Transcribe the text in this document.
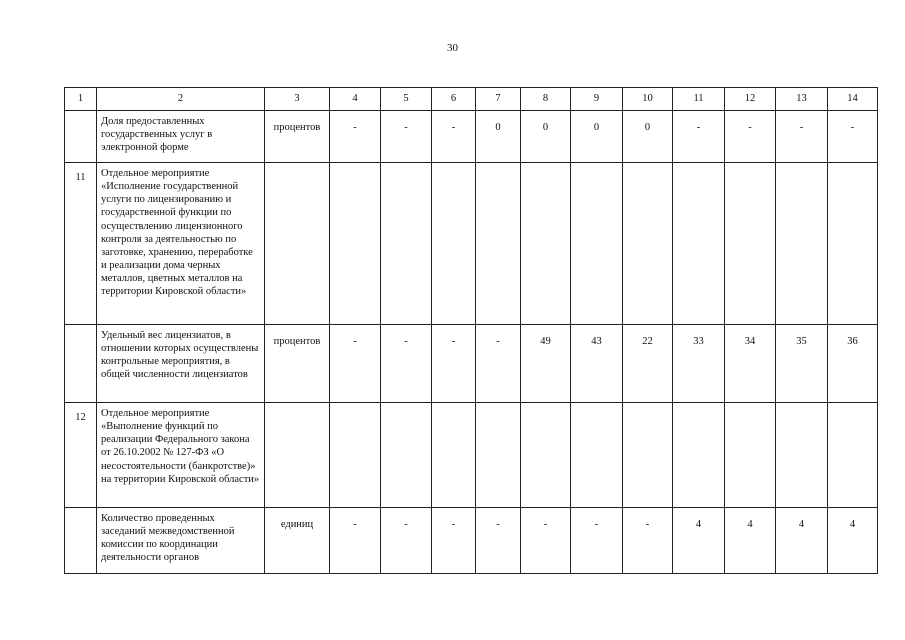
30
1	2	3	4	5	6	7	8	9	10	11	12	13	14
	Доля предоставленных государственных услуг в электронной форме	процентов	-	-	-	0	0	0	0	-	-	-	-
11	Отдельное мероприятие «Исполнение государственной услуги по лицензированию и государственной функции по осуществлению лицензионного контроля за деятельностью по заготовке, хранению, переработке и реализации дома черных металлов, цветных металлов на территории Кировской области»												
	Удельный вес лицензиатов, в отношении которых осуществлены контрольные мероприятия, в общей численности лицензиатов	процентов	-	-	-	-	49	43	22	33	34	35	36
12	Отдельное мероприятие «Выполнение функций по реализации Федерального закона от 26.10.2002 № 127-ФЗ «О несостоятельности (банкротстве)» на территории Кировской области»												
	Количество проведенных заседаний межведомственной комиссии по координации деятельности органов	единиц	-	-	-	-	-	-	-	4	4	4	4
